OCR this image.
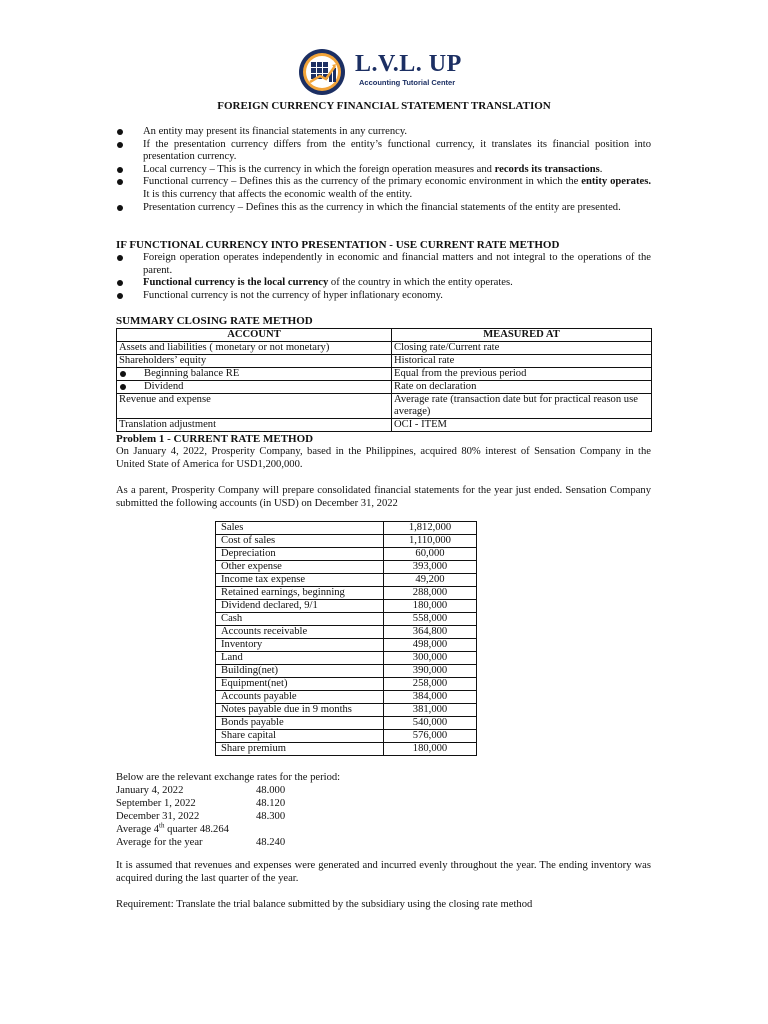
L.V.L. UP
Accounting Tutorial Center
FOREIGN CURRENCY FINANCIAL STATEMENT TRANSLATION
An entity may present its financial statements in any currency.
If the presentation currency differs from the entity’s functional currency, it translates its financial position into presentation currency.
Local currency – This is the currency in which the foreign operation measures and records its transactions.
Functional currency – Defines this as the currency of the primary economic environment in which the entity operates. It is this currency that affects the economic wealth of the entity.
Presentation currency – Defines this as the currency in which the financial statements of the entity are presented.
IF FUNCTIONAL CURRENCY INTO PRESENTATION - USE CURRENT RATE METHOD
Foreign operation operates independently in economic and financial matters and not integral to the operations of the parent.
Functional currency is the local currency of the country in which the entity operates.
Functional currency is not the currency of hyper inflationary economy.
SUMMARY CLOSING RATE METHOD
ACCOUNT	MEASURED AT
Assets and liabilities ( monetary or not monetary)	Closing rate/Current rate
Shareholders’ equity	Historical rate

Beginning balance RE	Equal from the previous period

Dividend	Rate on declaration
Revenue and expense	Average rate (transaction date but for practical reason use average)
Translation adjustment	OCI - ITEM
Problem 1 - CURRENT RATE METHOD

On January 4, 2022, Prosperity Company, based in the Philippines, acquired 80% interest of Sensation Company in the United State of America for USD1,200,000.

As a parent, Prosperity Company will prepare consolidated financial statements for the year just ended. Sensation Company submitted the following accounts (in USD) on December 31, 2022

Sales	1,812,000
Cost of sales	1,110,000
Depreciation	60,000
Other expense	393,000
Income tax expense	49,200
Retained earnings, beginning	288,000
Dividend declared, 9/1	180,000
Cash	558,000
Accounts receivable	364,800
Inventory	498,000
Land	300,000
Building(net)	390,000
Equipment(net)	258,000
Accounts payable	384,000
Notes payable due in 9 months	381,000
Bonds payable	540,000
Share capital	576,000
Share premium	180,000
Below are the relevant exchange rates for the period:
January 4, 2022	48.000
September 1, 2022	48.120
December 31, 2022	48.300
Average 4th quarter 48.264
Average for the year	48.240

It is assumed that revenues and expenses were generated and incurred evenly throughout the year. The ending inventory was acquired during the last quarter of the year.

Requirement: Translate the trial balance submitted by the subsidiary using the closing rate method
